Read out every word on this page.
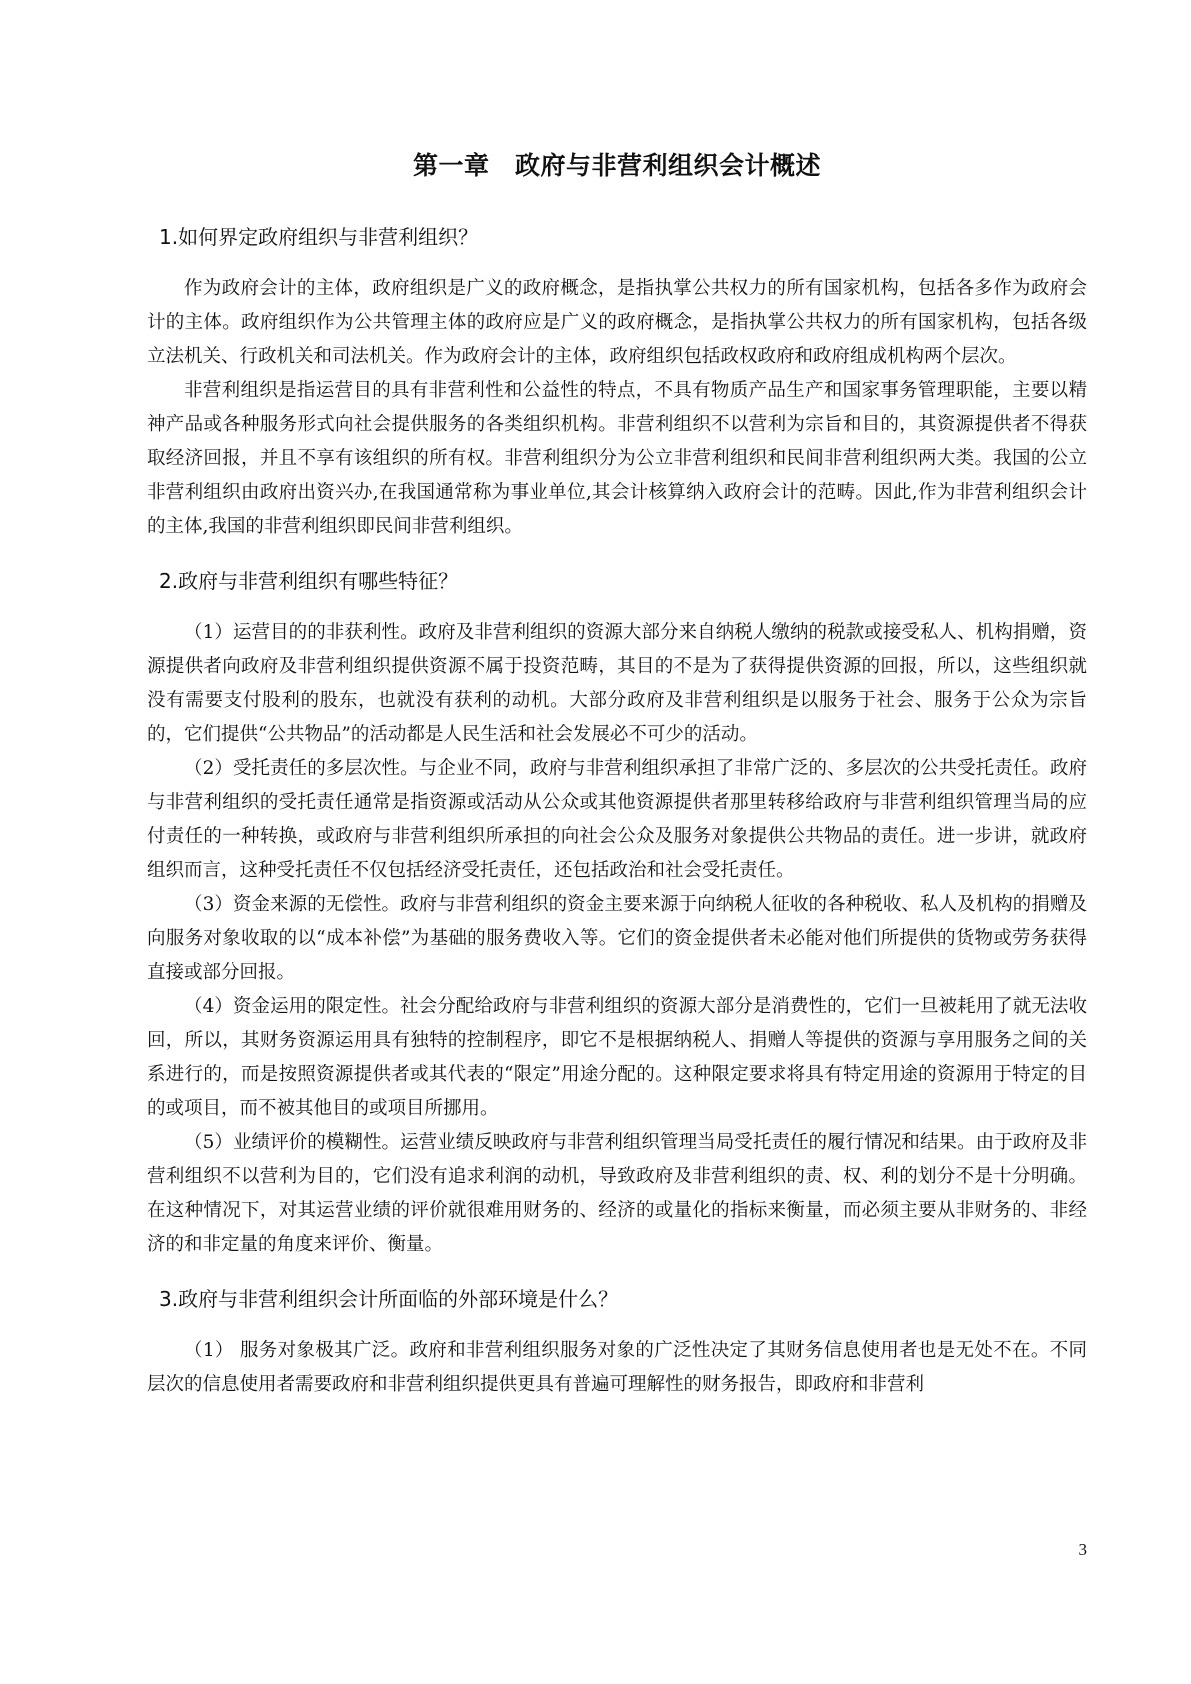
第一章　政府与非营利组织会计概述
1.如何界定政府组织与非营利组织？

作为政府会计的主体，政府组织是广义的政府概念，是指执掌公共权力的所有国家机构，包括各多作为政府会计的主体。政府组织作为公共管理主体的政府应是广义的政府概念，是指执掌公共权力的所有国家机构，包括各级立法机关、行政机关和司法机关。作为政府会计的主体，政府组织包括政权政府和政府组成机构两个层次。

非营利组织是指运营目的具有非营利性和公益性的特点，不具有物质产品生产和国家事务管理职能，主要以精神产品或各种服务形式向社会提供服务的各类组织机构。非营利组织不以营利为宗旨和目的，其资源提供者不得获取经济回报，并且不享有该组织的所有权。非营利组织分为公立非营利组织和民间非营利组织两大类。我国的公立非营利组织由政府出资兴办,在我国通常称为事业单位,其会计核算纳入政府会计的范畴。因此,作为非营利组织会计的主体,我国的非营利组织即民间非营利组织。

2.政府与非营利组织有哪些特征？

（1）运营目的的非获利性。政府及非营利组织的资源大部分来自纳税人缴纳的税款或接受私人、机构捐赠，资源提供者向政府及非营利组织提供资源不属于投资范畴，其目的不是为了获得提供资源的回报，所以，这些组织就没有需要支付股利的股东，也就没有获利的动机。大部分政府及非营利组织是以服务于社会、服务于公众为宗旨的，它们提供“公共物品”的活动都是人民生活和社会发展必不可少的活动。

（2）受托责任的多层次性。与企业不同，政府与非营利组织承担了非常广泛的、多层次的公共受托责任。政府与非营利组织的受托责任通常是指资源或活动从公众或其他资源提供者那里转移给政府与非营利组织管理当局的应付责任的一种转换，或政府与非营利组织所承担的向社会公众及服务对象提供公共物品的责任。进一步讲，就政府组织而言，这种受托责任不仅包括经济受托责任，还包括政治和社会受托责任。

（3）资金来源的无偿性。政府与非营利组织的资金主要来源于向纳税人征收的各种税收、私人及机构的捐赠及向服务对象收取的以“成本补偿”为基础的服务费收入等。它们的资金提供者未必能对他们所提供的货物或劳务获得直接或部分回报。

（4）资金运用的限定性。社会分配给政府与非营利组织的资源大部分是消费性的，它们一旦被耗用了就无法收回，所以，其财务资源运用具有独特的控制程序，即它不是根据纳税人、捐赠人等提供的资源与享用服务之间的关系进行的，而是按照资源提供者或其代表的“限定”用途分配的。这种限定要求将具有特定用途的资源用于特定的目的或项目，而不被其他目的或项目所挪用。

（5）业绩评价的模糊性。运营业绩反映政府与非营利组织管理当局受托责任的履行情况和结果。由于政府及非营利组织不以营利为目的，它们没有追求利润的动机，导致政府及非营利组织的责、权、利的划分不是十分明确。在这种情况下，对其运营业绩的评价就很难用财务的、经济的或量化的指标来衡量，而必须主要从非财务的、非经济的和非定量的角度来评价、衡量。

3.政府与非营利组织会计所面临的外部环境是什么？

（1） 服务对象极其广泛。政府和非营利组织服务对象的广泛性决定了其财务信息使用者也是无处不在。不同层次的信息使用者需要政府和非营利组织提供更具有普遍可理解性的财务报告，即政府和非营利

3
